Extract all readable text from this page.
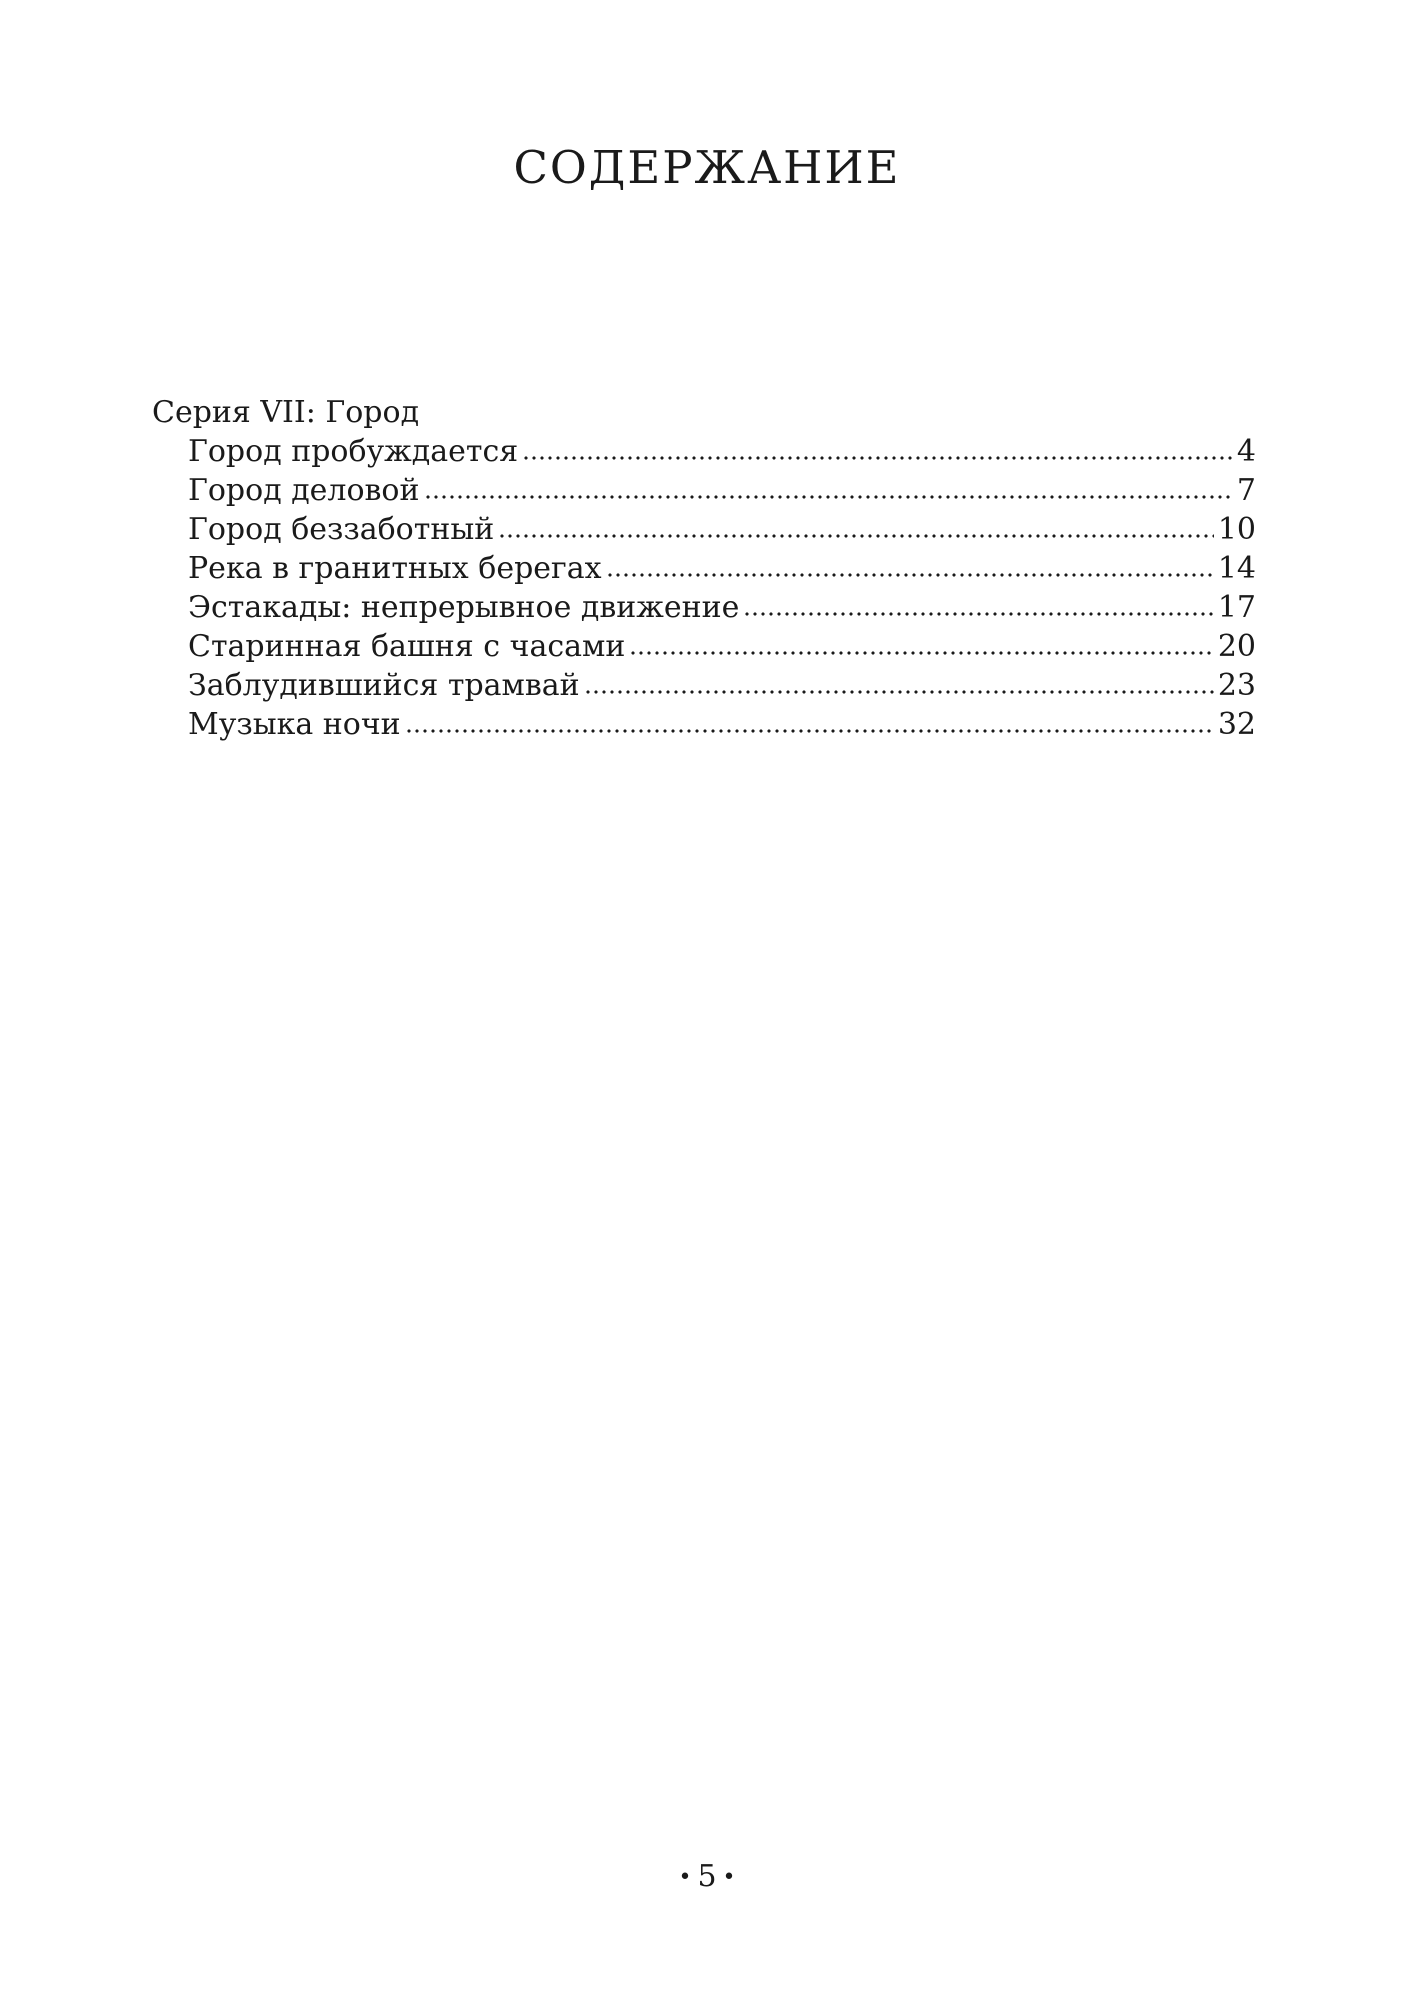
СОДЕРЖАНИЕ
Серия VII: Город
Город пробуждается	4
Город деловой	7
Город беззаботный	10
Река в гранитных берегах	14
Эстакады: непрерывное движение	17
Старинная башня с часами	20
Заблудившийся трамвай	23
Музыка ночи	32
• 5 •
